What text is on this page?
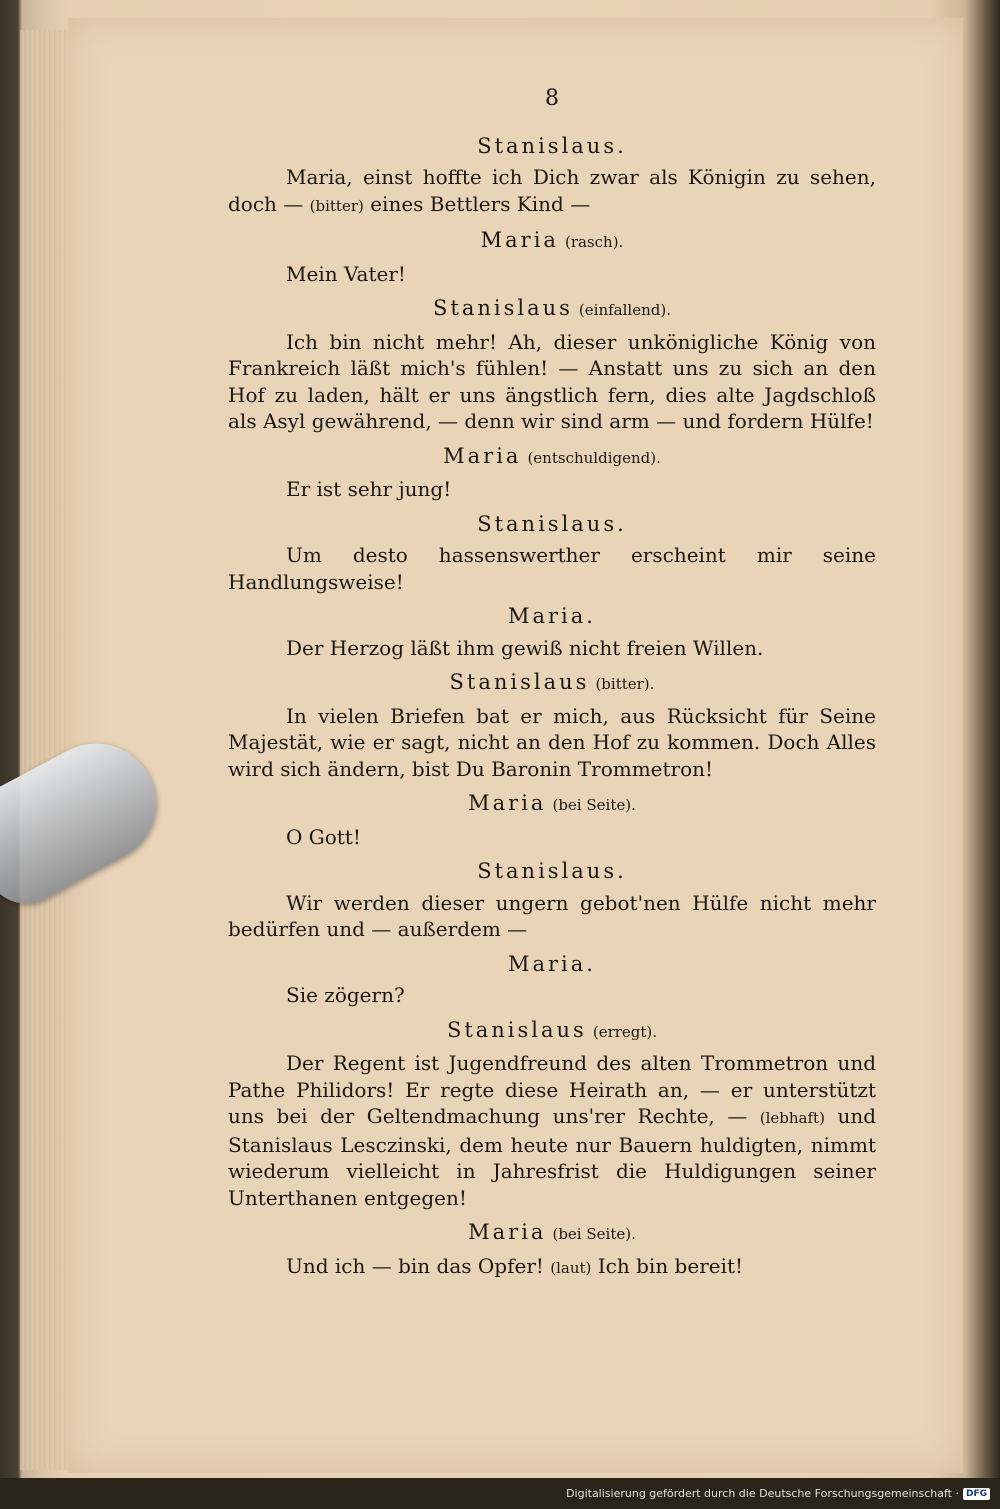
8
Stanislaus.
Maria, einst hoffte ich Dich zwar als Königin zu sehen, doch — (bitter) eines Bettlers Kind —
Maria (rasch).
Mein Vater!
Stanislaus (einfallend).
Ich bin nicht mehr! Ah, dieser unkönigliche König von Frankreich läßt mich's fühlen! — Anstatt uns zu sich an den Hof zu laden, hält er uns ängstlich fern, dies alte Jagdschloß als Asyl gewährend, — denn wir sind arm — und fordern Hülfe!
Maria (entschuldigend).
Er ist sehr jung!
Stanislaus.
Um desto hassenswerther erscheint mir seine Handlungsweise!
Maria.
Der Herzog läßt ihm gewiß nicht freien Willen.
Stanislaus (bitter).
In vielen Briefen bat er mich, aus Rücksicht für Seine Majestät, wie er sagt, nicht an den Hof zu kommen. Doch Alles wird sich ändern, bist Du Baronin Trommetron!
Maria (bei Seite).
O Gott!
Stanislaus.
Wir werden dieser ungern gebot'nen Hülfe nicht mehr bedürfen und — außerdem —
Maria.
Sie zögern?
Stanislaus (erregt).
Der Regent ist Jugendfreund des alten Trommetron und Pathe Philidors! Er regte diese Heirath an, — er unterstützt uns bei der Geltendmachung uns'rer Rechte, — (lebhaft) und Stanislaus Lesczinski, dem heute nur Bauern huldigten, nimmt wiederum vielleicht in Jahresfrist die Huldigungen seiner Unterthanen entgegen!
Maria (bei Seite).
Und ich — bin das Opfer! (laut) Ich bin bereit!
Digitalisierung gefördert durch die Deutsche Forschungsgemeinschaft · DFG
